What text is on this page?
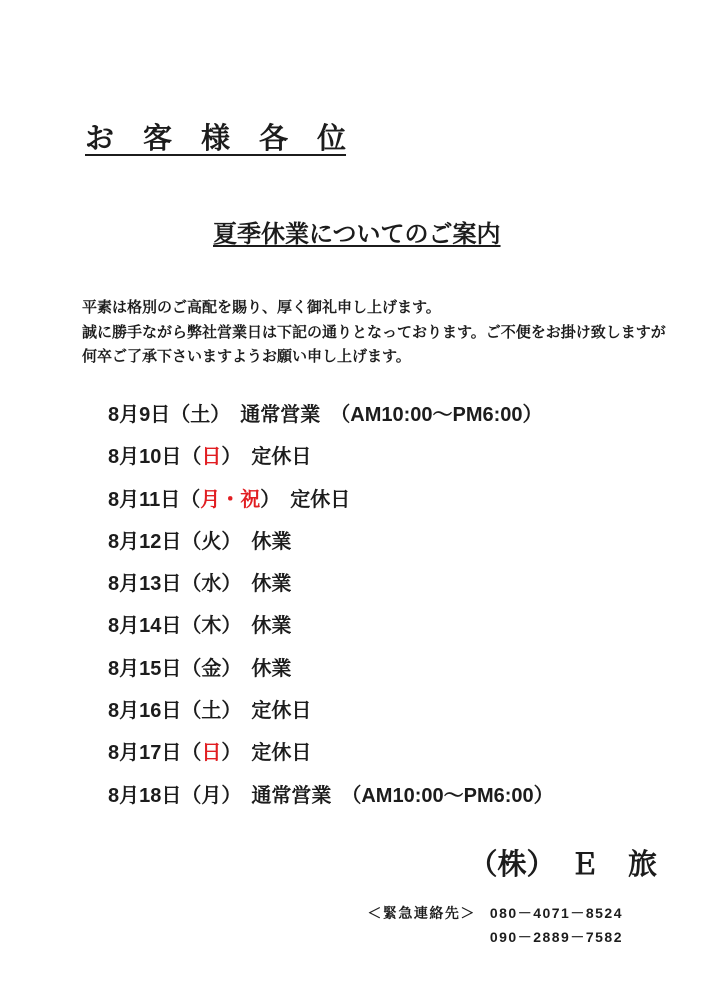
お　客　様　各　位
夏季休業についてのご案内
平素は格別のご高配を賜り、厚く御礼申し上げます。
誠に勝手ながら弊社営業日は下記の通りとなっております。ご不便をお掛け致しますが
何卒ご了承下さいますようお願い申し上げます。
8月9日（土）　通常営業　（AM10:00～PM6:00）
8月10日（日）　定休日
8月11日（月・祝）　定休日
8月12日（火）　休業
8月13日（水）　休業
8月14日（木）　休業
8月15日（金）　休業
8月16日（土）　定休日
8月17日（日）　定休日
8月18日（月）　通常営業　（AM10:00～PM6:00）
（株）　Ｅ　旅
＜緊急連絡先＞ 080－4071－8524
090－2889－7582
